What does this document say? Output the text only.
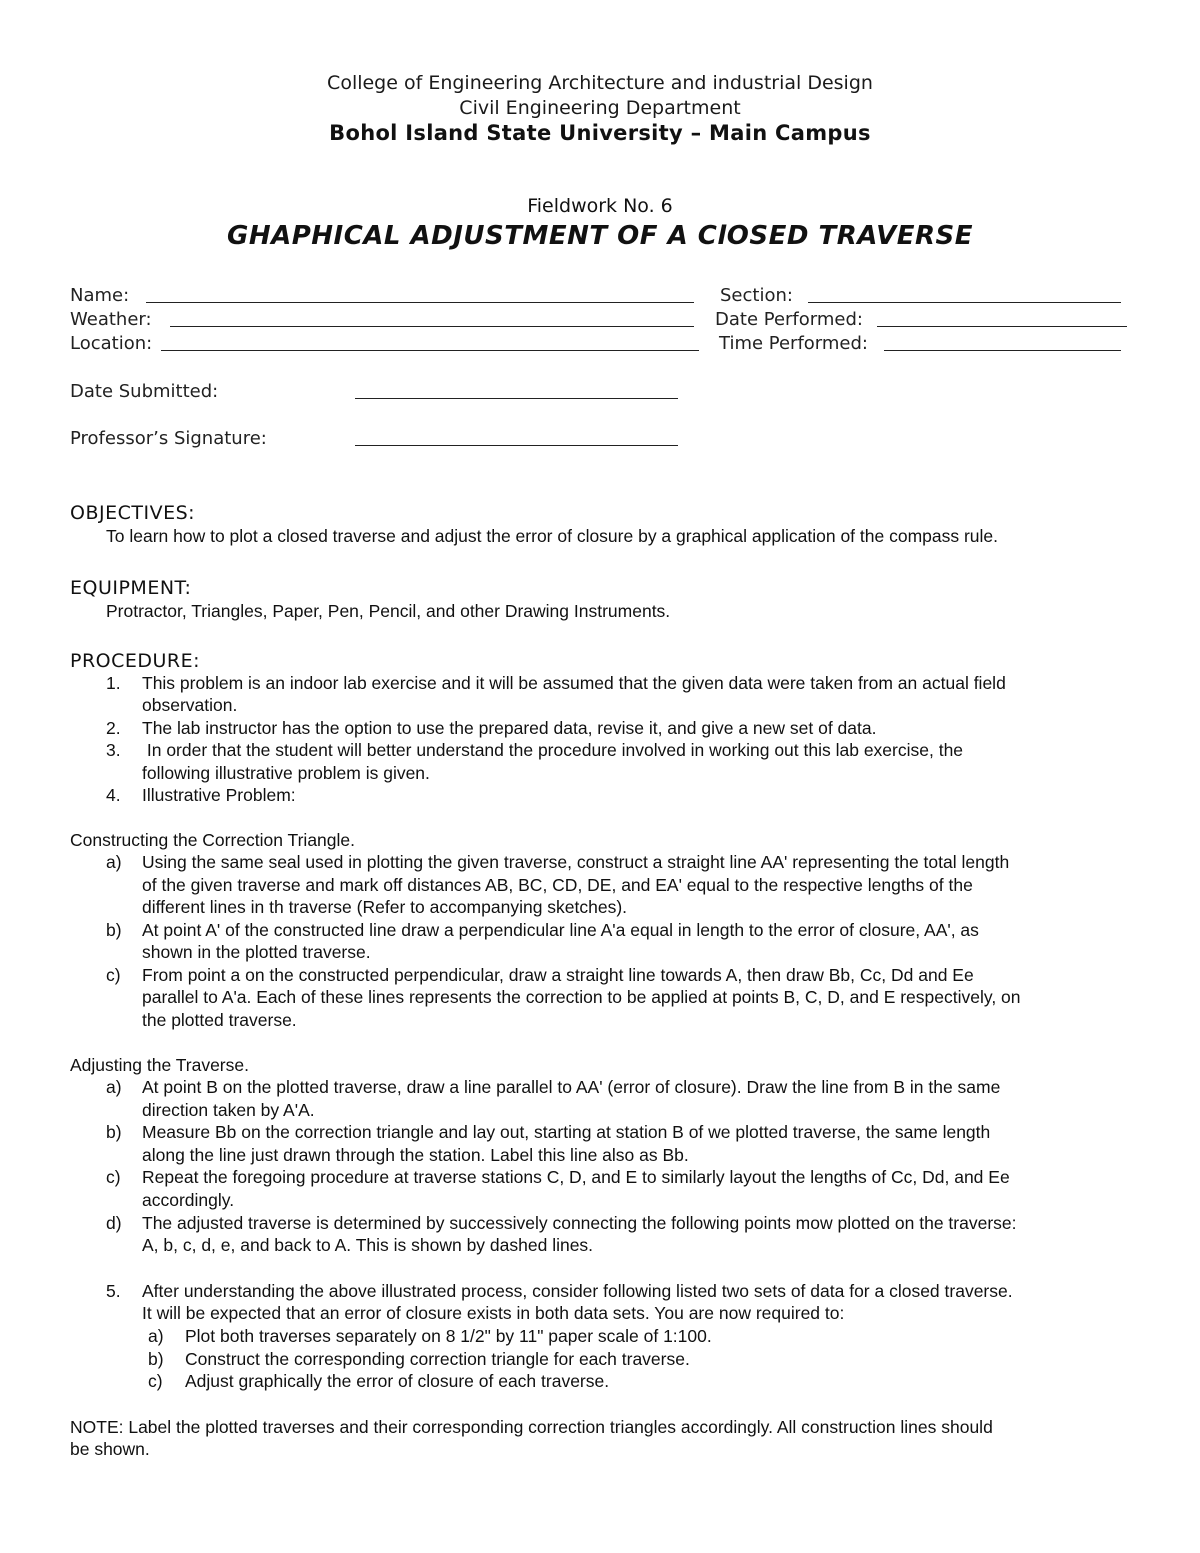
College of Engineering Architecture and industrial Design
Civil Engineering Department
Bohol Island State University – Main Campus
Fieldwork No. 6
GHAPHICAL ADJUSTMENT OF A ClOSED TRAVERSE
Name:	Section:
Weather:	Date Performed:
Location:	Time Performed:
Date Submitted:
Professor’s Signature:
OBJECTIVES:
To learn how to plot a closed traverse and adjust the error of closure by a graphical application of the compass rule.
EQUIPMENT:
Protractor, Triangles, Paper, Pen, Pencil, and other Drawing Instruments.
PROCEDURE:
1. This problem is an indoor lab exercise and it will be assumed that the given data were taken from an actual field
observation.
2. The lab instructor has the option to use the prepared data, revise it, and give a new set of data.
3. In order that the student will better understand the procedure involved in working out this lab exercise, the
following illustrative problem is given.
4. Illustrative Problem:
Constructing the Correction Triangle.
a) Using the same seal used in plotting the given traverse, construct a straight line AA' representing the total length
of the given traverse and mark off distances AB, BC, CD, DE, and EA' equal to the respective lengths of the
different lines in th traverse (Refer to accompanying sketches).
b) At point A' of the constructed line draw a perpendicular line A'a equal in length to the error of closure, AA', as
shown in the plotted traverse.
c) From point a on the constructed perpendicular, draw a straight line towards A, then draw Bb, Cc, Dd and Ee
parallel to A'a. Each of these lines represents the correction to be applied at points B, C, D, and E respectively, on
the plotted traverse.
Adjusting the Traverse.
a) At point B on the plotted traverse, draw a line parallel to AA' (error of closure). Draw the line from B in the same
direction taken by A'A.
b) Measure Bb on the correction triangle and lay out, starting at station B of we plotted traverse, the same length
along the line just drawn through the station. Label this line also as Bb.
c) Repeat the foregoing procedure at traverse stations C, D, and E to similarly layout the lengths of Cc, Dd, and Ee
accordingly.
d) The adjusted traverse is determined by successively connecting the following points mow plotted on the traverse:
A, b, c, d, e, and back to A. This is shown by dashed lines.
5. After understanding the above illustrated process, consider following listed two sets of data for a closed traverse.
It will be expected that an error of closure exists in both data sets. You are now required to:
a) Plot both traverses separately on 8 1/2" by 11" paper scale of 1:100.
b) Construct the corresponding correction triangle for each traverse.
c) Adjust graphically the error of closure of each traverse.
NOTE: Label the plotted traverses and their corresponding correction triangles accordingly. All construction lines should
be shown.
